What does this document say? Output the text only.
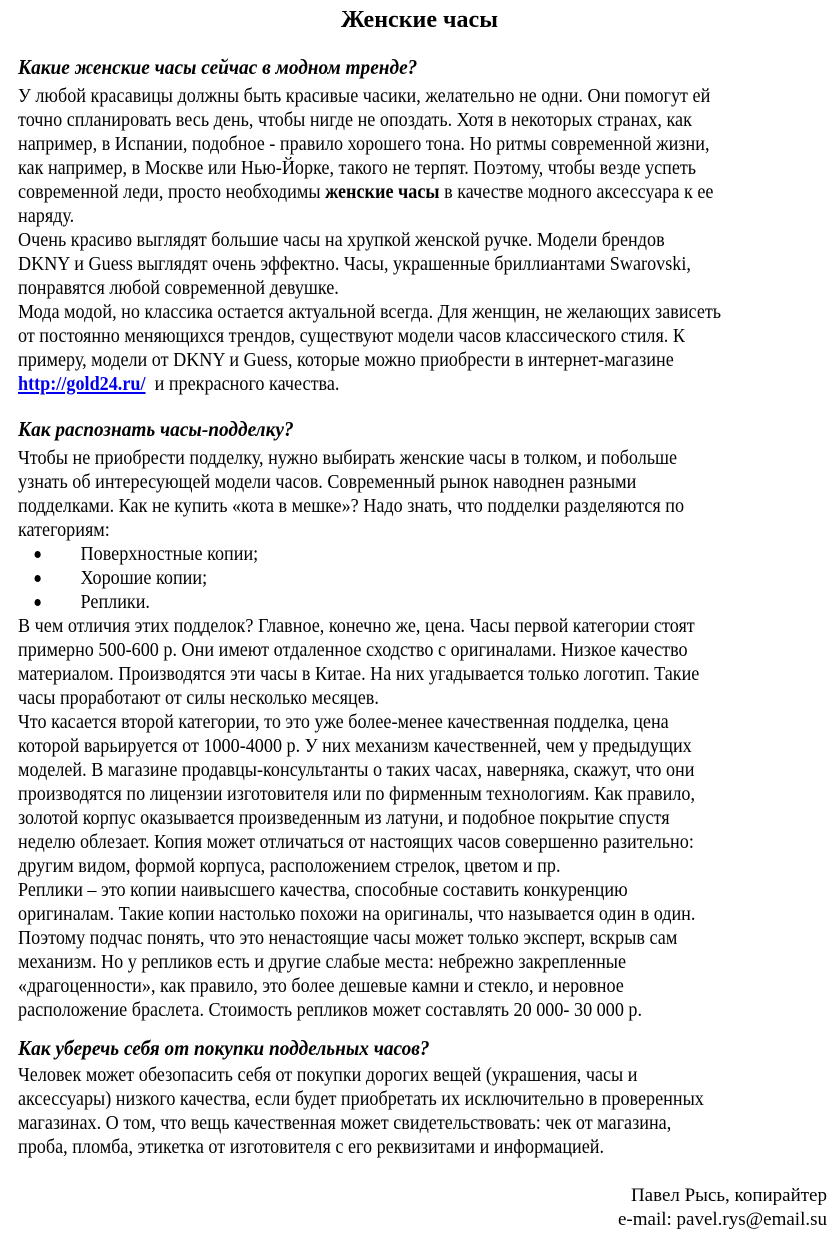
Женские часы
Какие женские часы сейчас в модном тренде?
У любой красавицы должны быть красивые часики, желательно не одни. Они помогут ей
точно спланировать весь день, чтобы нигде не опоздать. Хотя в некоторых странах, как
например, в Испании, подобное - правило хорошего тона. Но ритмы современной жизни,
как например, в Москве или Нью-Йорке, такого не терпят. Поэтому, чтобы везде успеть
современной леди, просто необходимы женские часы в качестве модного аксессуара к ее
наряду.
Очень красиво выглядят большие часы на хрупкой женской ручке. Модели брендов
DKNY и Guess выглядят очень эффектно. Часы, украшенные бриллиантами Swarovski,
понравятся любой современной девушке.
Мода модой, но классика остается актуальной всегда. Для женщин, не желающих зависеть
от постоянно меняющихся трендов, существуют модели часов классического стиля. К
примеру, модели от DKNY и Guess, которые можно приобрести в интернет-магазине
http://gold24.ru/  и прекрасного качества.
Как распознать часы-подделку?
Чтобы не приобрести подделку, нужно выбирать женские часы в толком, и побольше
узнать об интересующей модели часов. Современный рынок наводнен разными
подделками. Как не купить «кота в мешке»? Надо знать, что подделки разделяются по
категориям:
Поверхностные копии;
Хорошие копии;
Реплики.
В чем отличия этих подделок? Главное, конечно же, цена. Часы первой категории стоят
примерно 500-600 р. Они имеют отдаленное сходство с оригиналами. Низкое качество
материалом. Производятся эти часы в Китае. На них угадывается только логотип. Такие
часы проработают от силы несколько месяцев.
Что касается второй категории, то это уже более-менее качественная подделка, цена
которой варьируется от 1000-4000 р. У них механизм качественней, чем у предыдущих
моделей. В магазине продавцы-консультанты о таких часах, наверняка, скажут, что они
производятся по лицензии изготовителя или по фирменным технологиям. Как правило,
золотой корпус оказывается произведенным из латуни, и подобное покрытие спустя
неделю облезает. Копия может отличаться от настоящих часов совершенно разительно:
другим видом, формой корпуса, расположением стрелок, цветом и пр.
Реплики – это копии наивысшего качества, способные составить конкуренцию
оригиналам. Такие копии настолько похожи на оригиналы, что называется один в один.
Поэтому подчас понять, что это ненастоящие часы может только эксперт, вскрыв сам
механизм. Но у репликов есть и другие слабые места: небрежно закрепленные
«драгоценности», как правило, это более дешевые камни и стекло, и неровное
расположение браслета. Стоимость репликов может составлять 20 000- 30 000 р.
Как уберечь себя от покупки поддельных часов?
Человек может обезопасить себя от покупки дорогих вещей (украшения, часы и
аксессуары) низкого качества, если будет приобретать их исключительно в проверенных
магазинах. О том, что вещь качественная может свидетельствовать: чек от магазина,
проба, пломба, этикетка от изготовителя с его реквизитами и информацией.
Павел Рысь, копирайтер
e-mail: pavel.rys@email.su
